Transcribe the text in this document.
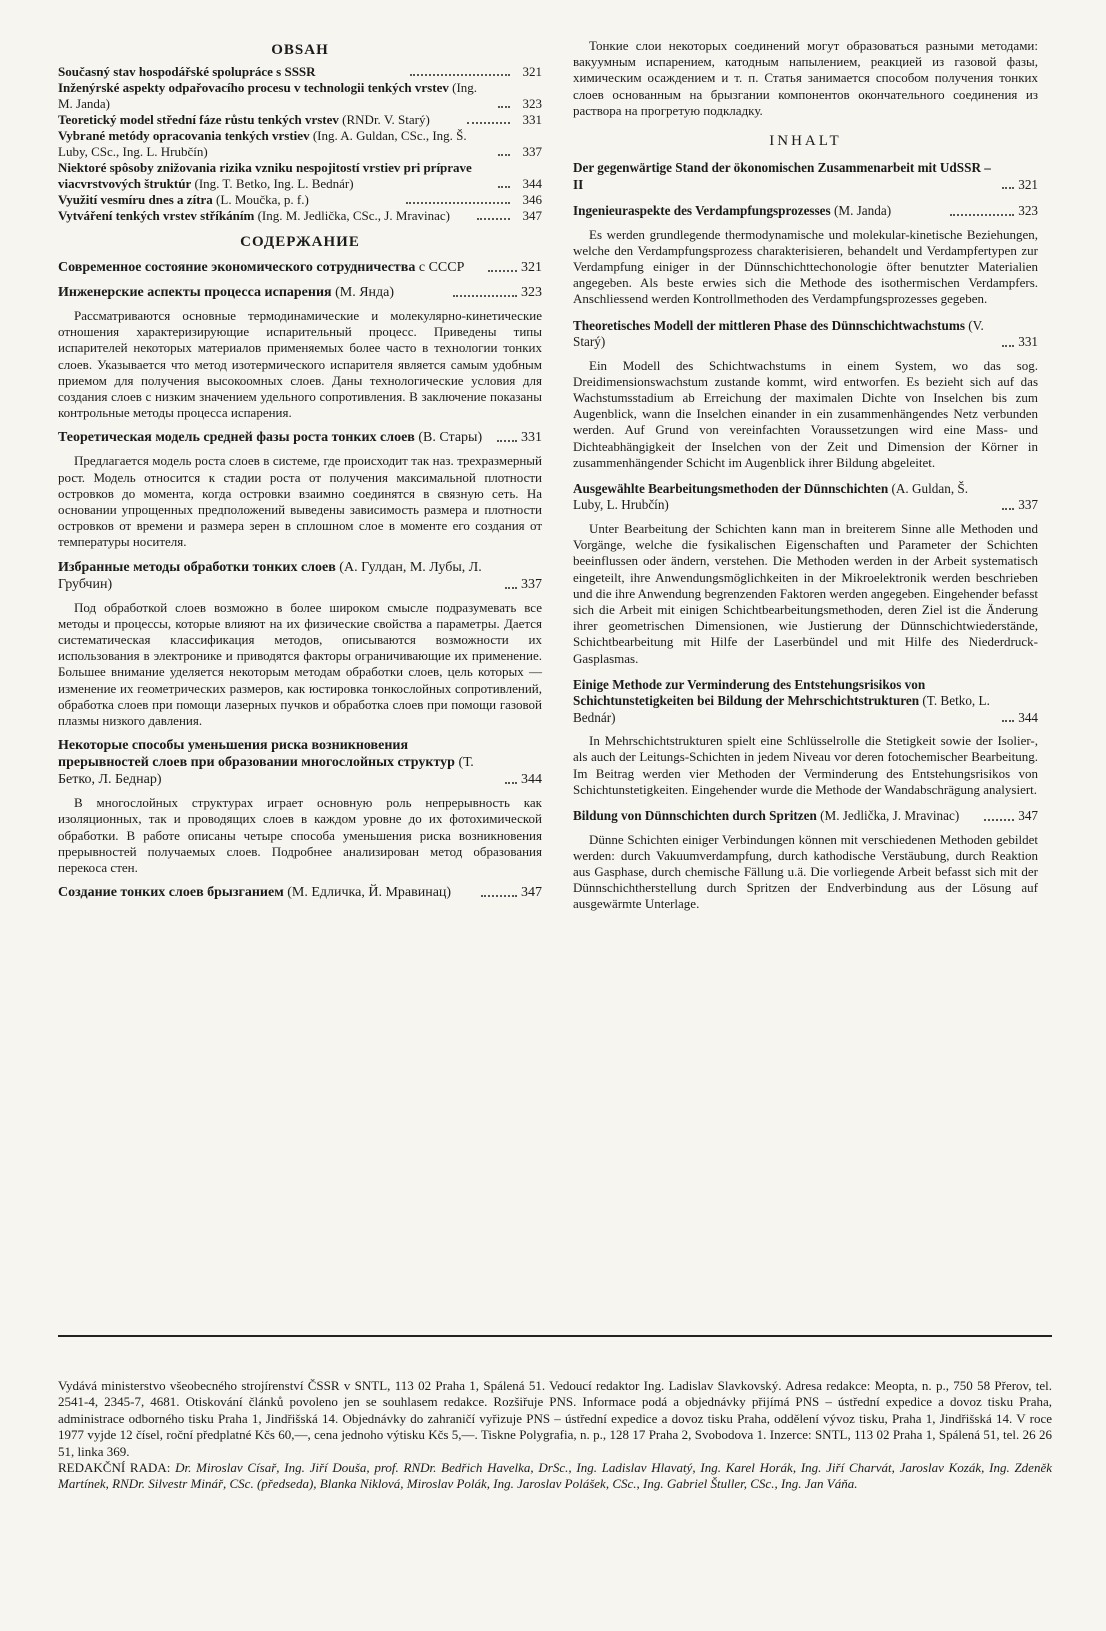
OBSAH
Současný stav hospodářské spolupráce s SSSR	321
Inženýrské aspekty odpařovacího procesu v technologii tenkých vrstev (Ing. M. Janda)	323
Teoretický model střední fáze růstu tenkých vrstev (RNDr. V. Starý)	331
Vybrané metódy opracovania tenkých vrstiev (Ing. A. Guldan, CSc., Ing. Š. Luby, CSc., Ing. L. Hrubčín)	337
Niektoré spôsoby znižovania rizika vzniku nespojitostí vrstiev pri príprave viacvrstvových štruktúr (Ing. T. Betko, Ing. L. Bednár)	344
Využití vesmíru dnes a zítra (L. Moučka, p. f.)	346
Vytváření tenkých vrstev stříkáním (Ing. M. Jedlička, CSc., J. Mravinac)	347
СОДЕРЖАНИЕ
Современное состояние экономического сотрудничества с СССР	321
Инженерские аспекты процесса испарения (М. Янда)	323

Рассматриваются основные термодинамические и молекулярно-кинетические отношения характеризирующие испарительный процесс. Приведены типы испарителей некоторых материалов применяемых более часто в технологии тонких слоев. Указывается что метод изотермического испарителя является самым удобным приемом для получения высокоомных слоев. Даны технологические условия для создания слоев с низким значением удельного сопротивления. В заключение показаны контрольные методы процесса испарения.

Теоретическая модель средней фазы роста тонких слоев (В. Стары)	331

Предлагается модель роста слоев в системе, где происходит так наз. трехразмерный рост. Модель относится к стадии роста от получения максимальной плотности островков до момента, когда островки взаимно соединятся в связную сеть. На основании упрощенных предположений выведены зависимость размера и плотности островков от времени и размера зерен в сплошном слое в моменте его создания от температуры носителя.

Избранные методы обработки тонких слоев (А. Гулдан, М. Лубы, Л. Грубчин)	337

Под обработкой слоев возможно в более широком смысле подразумевать все методы и процессы, которые влияют на их физические свойства а параметры. Дается систематическая классификация методов, описываются возможности их использования в электронике и приводятся факторы ограничивающие их применение. Большее внимание уделяется некоторым методам обработки слоев, цель которых — изменение их геометрических размеров, как юстировка тонкослойных сопротивлений, обработка слоев при помощи лазерных пучков и обработка слоев при помощи газовой плазмы низкого давления.

Некоторые способы уменьшения риска возникновения прерывностей слоев при образовании многослойных структур (Т. Бетко, Л. Беднар)	344

В многослойных структурах играет основную роль непрерывность как изоляционных, так и проводящих слоев в каждом уровне до их фотохимической обработки. В работе описаны четыре способа уменьшения риска возникновения прерывностей получаемых слоев. Подробнее анализирован метод образования перекоса стен.

Создание тонких слоев брызганием (М. Едличка, Й. Мравинац)	347

Тонкие слои некоторых соединений могут образоваться разными методами: вакуумным испарением, катодным напылением, реакцией из газовой фазы, химическим осаждением и т. п. Статья занимается способом получения тонких слоев основанным на брызгании компонентов окончательного соединения из раствора на прогретую подкладку.

INHALT
Der gegenwärtige Stand der ökonomischen Zusammenarbeit mit UdSSR – II	321
Ingenieuraspekte des Verdampfungsprozesses (M. Janda)	323

Es werden grundlegende thermodynamische und molekular-kinetische Beziehungen, welche den Verdampfungsprozess charakterisieren, behandelt und Verdampfertypen zur Verdampfung einiger in der Dünnschichttechonologie öfter benutzter Materialien angegeben. Als beste erwies sich die Methode des isothermischen Verdampfers. Anschliessend werden Kontrollmethoden des Verdampfungsprozesses gegeben.

Theoretisches Modell der mittleren Phase des Dünnschichtwachstums (V. Starý)	331

Ein Modell des Schichtwachstums in einem System, wo das sog. Dreidimensionswachstum zustande kommt, wird entworfen. Es bezieht sich auf das Wachstumsstadium ab Erreichung der maximalen Dichte von Inselchen bis zum Augenblick, wann die Inselchen einander in ein zusammenhängendes Netz verbunden werden. Auf Grund von vereinfachten Voraussetzungen wird eine Mass- und Dichteabhängigkeit der Inselchen von der Zeit und Dimension der Körner in zusammenhängender Schicht im Augenblick ihrer Bildung abgeleitet.

Ausgewählte Bearbeitungsmethoden der Dünnschichten (A. Guldan, Š. Luby, L. Hrubčín)	337

Unter Bearbeitung der Schichten kann man in breiterem Sinne alle Methoden und Vorgänge, welche die fysikalischen Eigenschaften und Parameter der Schichten beeinflussen oder ändern, verstehen. Die Methoden werden in der Arbeit systematisch eingeteilt, ihre Anwendungsmöglichkeiten in der Mikroelektronik werden beschrieben und die ihre Anwendung begrenzenden Faktoren werden angegeben. Eingehender befasst sich die Arbeit mit einigen Schichtbearbeitungsmethoden, deren Ziel ist die Änderung ihrer geometrischen Dimensionen, wie Justierung der Dünnschichtwiederstände, Schichtbearbeitung mit Hilfe der Laserbündel und mit Hilfe des Niederdruck-Gasplasmas.

Einige Methode zur Verminderung des Entstehungsrisikos von Schichtunstetigkeiten bei Bildung der Mehrschichtstrukturen (T. Betko, L. Bednár)	344

In Mehrschichtstrukturen spielt eine Schlüsselrolle die Stetigkeit sowie der Isolier-, als auch der Leitungs-Schichten in jedem Niveau vor deren fotochemischer Bearbeitung. Im Beitrag werden vier Methoden der Verminderung des Entstehungsrisikos von Schichtunstetigkeiten. Eingehender wurde die Methode der Wandabschrägung analysiert.

Bildung von Dünnschichten durch Spritzen (M. Jedlička, J. Mravinac)	347

Dünne Schichten einiger Verbindungen können mit verschiedenen Methoden gebildet werden: durch Vakuumverdampfung, durch kathodische Verstäubung, durch Reaktion aus Gasphase, durch chemische Fällung u.ä. Die vorliegende Arbeit befasst sich mit der Dünnschichtherstellung durch Spritzen der Endverbindung aus der Lösung auf ausgewärmte Unterlage.

Vydává ministerstvo všeobecného strojírenství ČSSR v SNTL, 113 02 Praha 1, Spálená 51. Vedoucí redaktor Ing. Ladislav Slavkovský. Adresa redakce: Meopta, n. p., 750 58 Přerov, tel. 2541-4, 2345-7, 4681. Otiskování článků povoleno jen se souhlasem redakce. Rozšiřuje PNS. Informace podá a objednávky přijímá PNS – ústřední expedice a dovoz tisku Praha, administrace odborného tisku Praha 1, Jindřišská 14. Objednávky do zahraničí vyřizuje PNS – ústřední expedice a dovoz tisku Praha, oddělení vývoz tisku, Praha 1, Jindřišská 14. V roce 1977 vyjde 12 čísel, roční předplatné Kčs 60,—, cena jednoho výtisku Kčs 5,—. Tiskne Polygrafia, n. p., 128 17 Praha 2, Svobodova 1. Inzerce: SNTL, 113 02 Praha 1, Spálená 51, tel. 26 26 51, linka 369.
REDAKČNÍ RADA: Dr. Miroslav Císař, Ing. Jiří Douša, prof. RNDr. Bedřich Havelka, DrSc., Ing. Ladislav Hlavatý, Ing. Karel Horák, Ing. Jiří Charvát, Jaroslav Kozák, Ing. Zdeněk Martínek, RNDr. Silvestr Minář, CSc. (předseda), Blanka Niklová, Miroslav Polák, Ing. Jaroslav Polášek, CSc., Ing. Gabriel Štuller, CSc., Ing. Jan Váňa.
